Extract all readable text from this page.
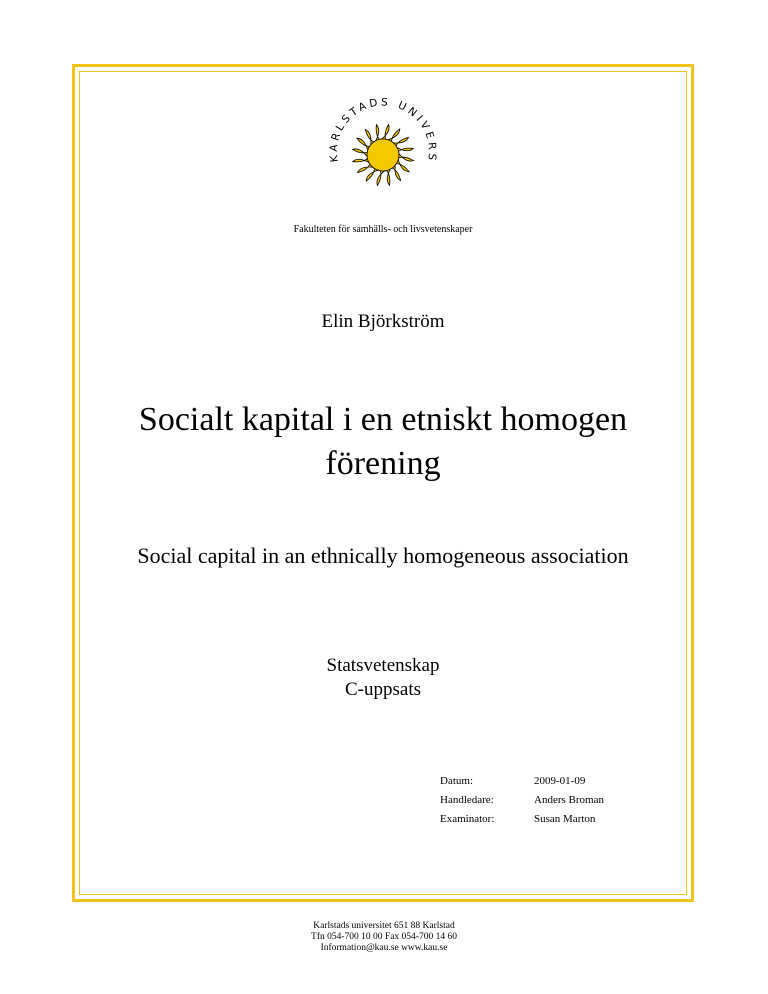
KARLSTADS UNIVERS
Fakulteten för samhälls- och livsvetenskaper
Elin Björkström
Socialt kapital i en etniskt homogen
förening
Social capital in an ethnically homogeneous association
Statsvetenskap
C-uppsats
Datum:	2009-01-09
Handledare:	Anders Broman
Examinator:	Susan Marton
Karlstads universitet 651 88 Karlstad
Tfn 054-700 10 00 Fax 054-700 14 60
Information@kau.se www.kau.se
